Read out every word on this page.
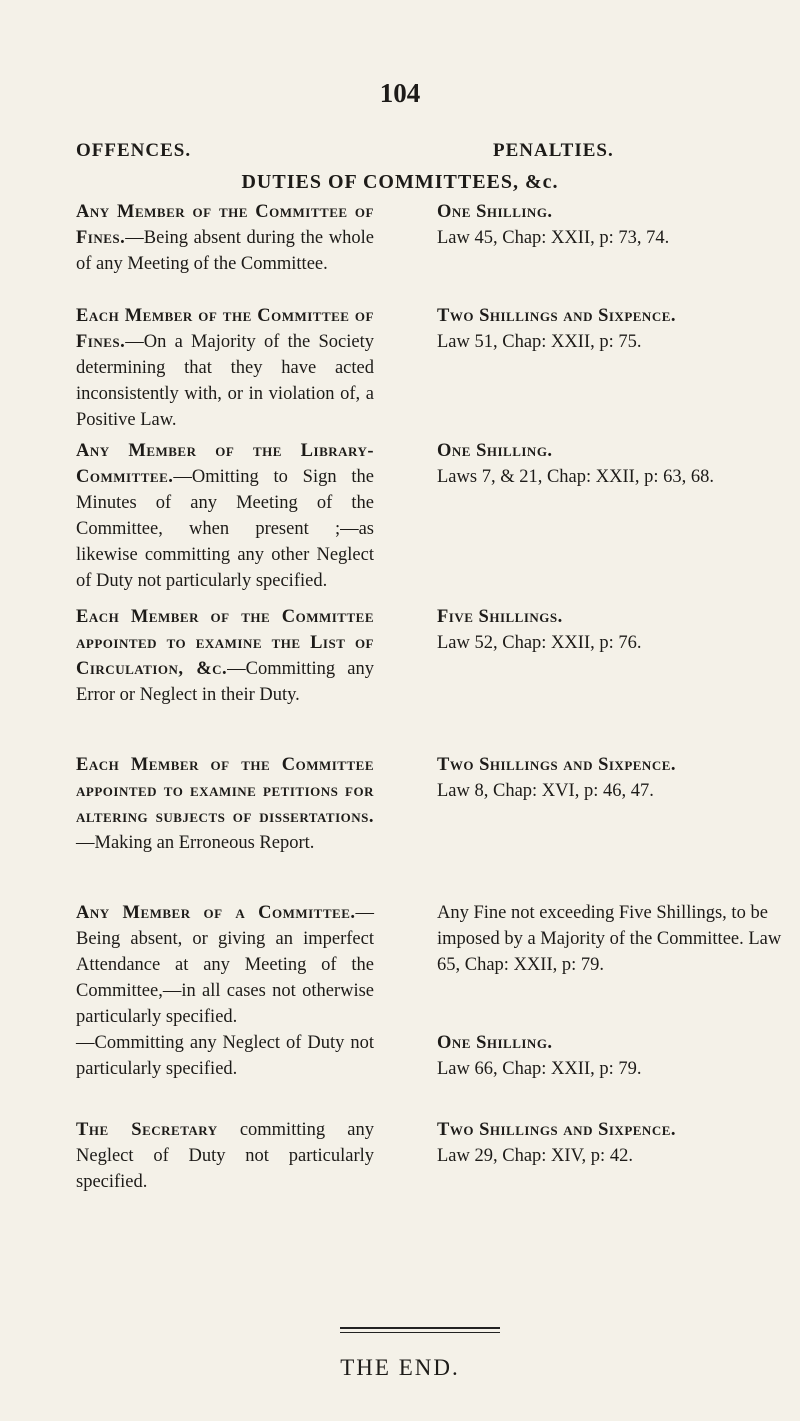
104
OFFENCES.	PENALTIES.
DUTIES OF COMMITTEES, &c.
Any Member of the Committee of Fines.—Being absent during the whole of any Meeting of the Committee.
One Shilling.
Law 45, Chap: XXII, p: 73, 74.
Each Member of the Committee of Fines.—On a Majority of the Society determining that they have acted inconsistently with, or in violation of, a Positive Law.
Two Shillings and Sixpence.
Law 51, Chap: XXII, p: 75.
Any Member of the Library-Committee.—Omitting to Sign the Minutes of any Meeting of the Committee, when present ;—as likewise committing any other Neglect of Duty not particularly specified.
One Shilling.
Laws 7, & 21, Chap: XXII, p: 63, 68.
Each Member of the Committee appointed to examine the List of Circulation, &c.—Committing any Error or Neglect in their Duty.
Five Shillings.
Law 52, Chap: XXII, p: 76.
Each Member of the Committee appointed to examine petitions for altering subjects of dissertations.—Making an Erroneous Report.
Two Shillings and Sixpence.
Law 8, Chap: XVI, p: 46, 47.
Any Member of a Committee.—Being absent, or giving an imperfect Attendance at any Meeting of the Committee,—in all cases not otherwise particularly specified.
Any Fine not exceeding Five Shillings, to be imposed by a Majority of the Committee. Law 65, Chap: XXII, p: 79.
—Committing any Neglect of Duty not particularly specified.
One Shilling.
Law 66, Chap: XXII, p: 79.
The Secretary committing any Neglect of Duty not particularly specified.
Two Shillings and Sixpence.
Law 29, Chap: XIV, p: 42.
THE END.
